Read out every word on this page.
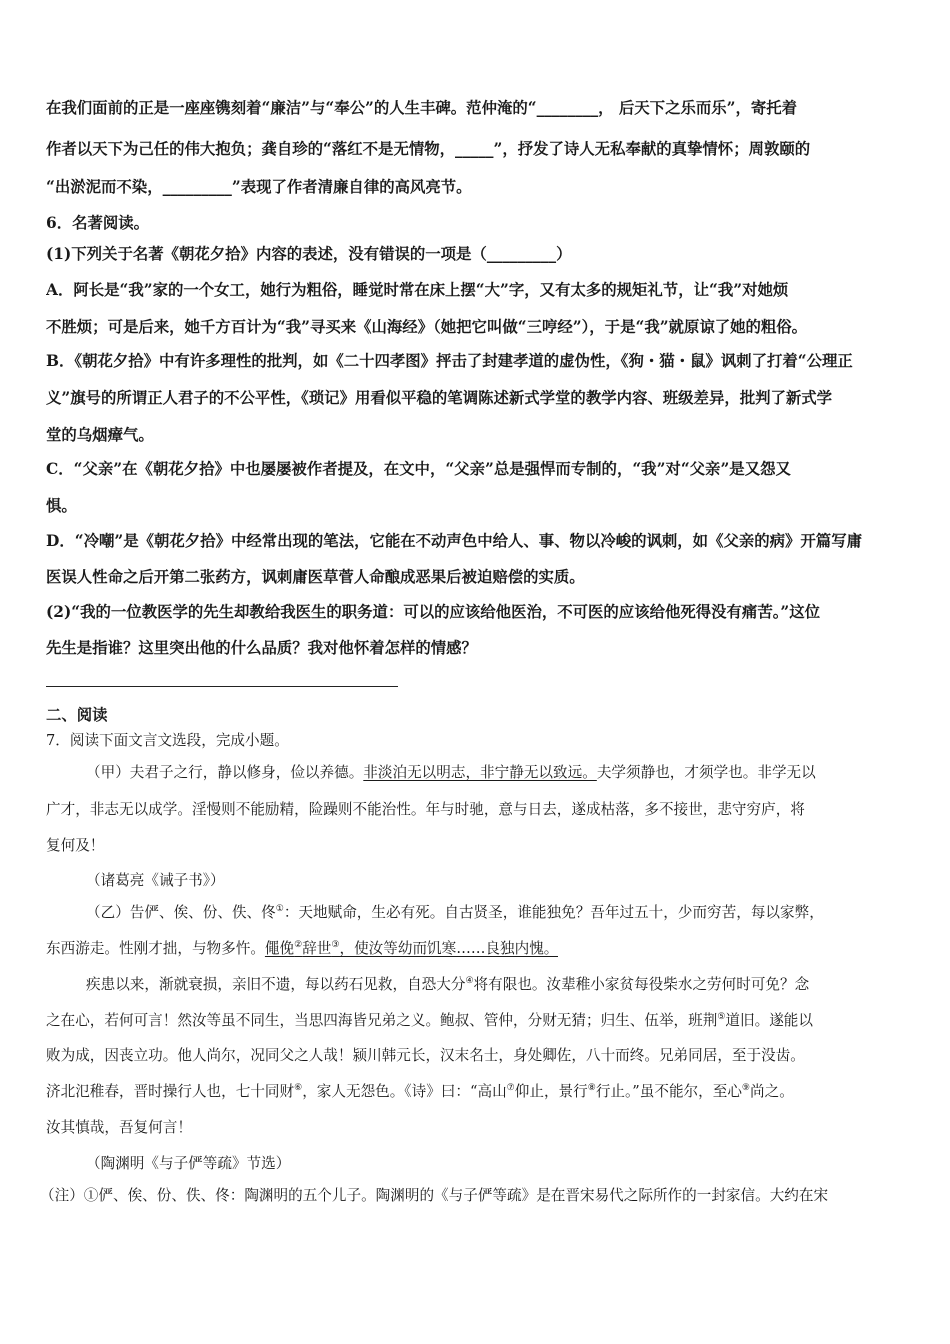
在我们面前的正是一座座镌刻着“廉洁”与“奉公”的人生丰碑。范仲淹的“________， 后天下之乐而乐”，寄托着
作者以天下为己任的伟大抱负；龚自珍的“落红不是无情物，_____”，抒发了诗人无私奉献的真挚情怀；周敦颐的
“出淤泥而不染，_________”表现了作者清廉自律的高风亮节。
6．名著阅读。
(1)下列关于名著《朝花夕拾》内容的表述，没有错误的一项是（_________）
A．阿长是“我”家的一个女工，她行为粗俗，睡觉时常在床上摆“大”字，又有太多的规矩礼节，让“我”对她烦
不胜烦；可是后来，她千方百计为“我”寻买来《山海经》（她把它叫做“三哼经”），于是“我”就原谅了她的粗俗。
B．《朝花夕拾》中有许多理性的批判，如《二十四孝图》抨击了封建孝道的虚伪性，《狗・猫・鼠》讽刺了打着“公理正
义”旗号的所谓正人君子的不公平性，《琐记》用看似平稳的笔调陈述新式学堂的教学内容、班级差异，批判了新式学
堂的乌烟瘴气。
C．“父亲”在《朝花夕拾》中也屡屡被作者提及，在文中，“父亲”总是强悍而专制的，“我”对“父亲”是又怨又
惧。
D．“冷嘲”是《朝花夕拾》中经常出现的笔法，它能在不动声色中给人、事、物以冷峻的讽刺，如《父亲的病》开篇写庸
医误人性命之后开第二张药方，讽刺庸医草菅人命酿成恶果后被迫赔偿的实质。
(2)“我的一位教医学的先生却教给我医生的职务道：可以的应该给他医治，不可医的应该给他死得没有痛苦。”这位
先生是指谁？这里突出他的什么品质？我对他怀着怎样的情感？
二、阅读
7．阅读下面文言文选段，完成小题。
（甲）夫君子之行，静以修身，俭以养德。非淡泊无以明志，非宁静无以致远。夫学须静也，才须学也。非学无以
广才，非志无以成学。淫慢则不能励精，险躁则不能治性。年与时驰，意与日去，遂成枯落，多不接世，悲守穷庐，将
复何及！
（诸葛亮《诫子书》）
（乙）告俨、俟、份、佚、佟①：天地赋命，生必有死。自古贤圣，谁能独免？吾年过五十，少而穷苦，每以家弊，
东西游走。性刚才拙，与物多忤。僶俛②辞世③，使汝等幼而饥寒……良独内愧。
疾患以来，渐就衰损，亲旧不遗，每以药石见救，自恐大分④将有限也。汝辈稚小家贫每役柴水之劳何时可免？念
之在心，若何可言！然汝等虽不同生，当思四海皆兄弟之义。鲍叔、管仲，分财无猜；归生、伍举，班荆⑤道旧。遂能以
败为成，因丧立功。他人尚尔，况同父之人哉！颍川韩元长，汉末名士，身处卿佐，八十而终。兄弟同居，至于没齿。
济北氾稚春，晋时操行人也，七十同财⑥，家人无怨色。《诗》曰：“高山⑦仰止，景行⑧行止。”虽不能尔，至心⑨尚之。
汝其慎哉，吾复何言！
（陶渊明《与子俨等疏》节选）
（注）①俨、俟、份、佚、佟：陶渊明的五个儿子。陶渊明的《与子俨等疏》是在晋宋易代之际所作的一封家信。大约在宋
